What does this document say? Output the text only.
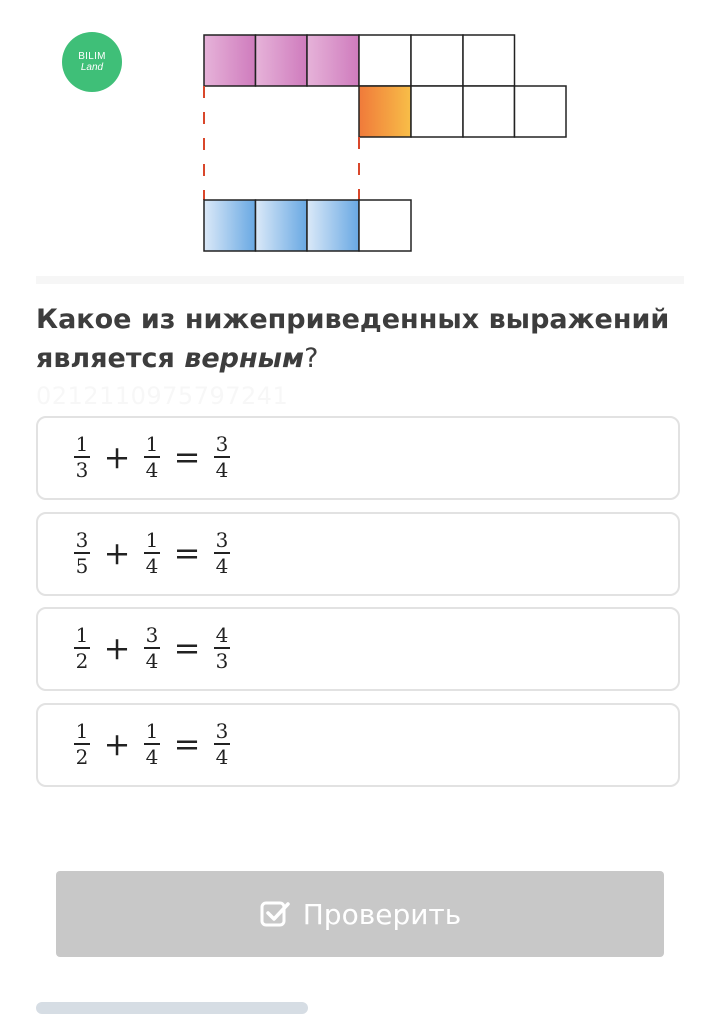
BILIM
Land
Какое из нижеприведенных выражений является верным?
0212110975797241
$\frac{1}{3} + \frac{1}{4} = \frac{3}{4}$
$\frac{3}{5} + \frac{1}{4} = \frac{3}{4}$
$\frac{1}{2} + \frac{3}{4} = \frac{4}{3}$
$\frac{1}{2} + \frac{1}{4} = \frac{3}{4}$
Проверить
